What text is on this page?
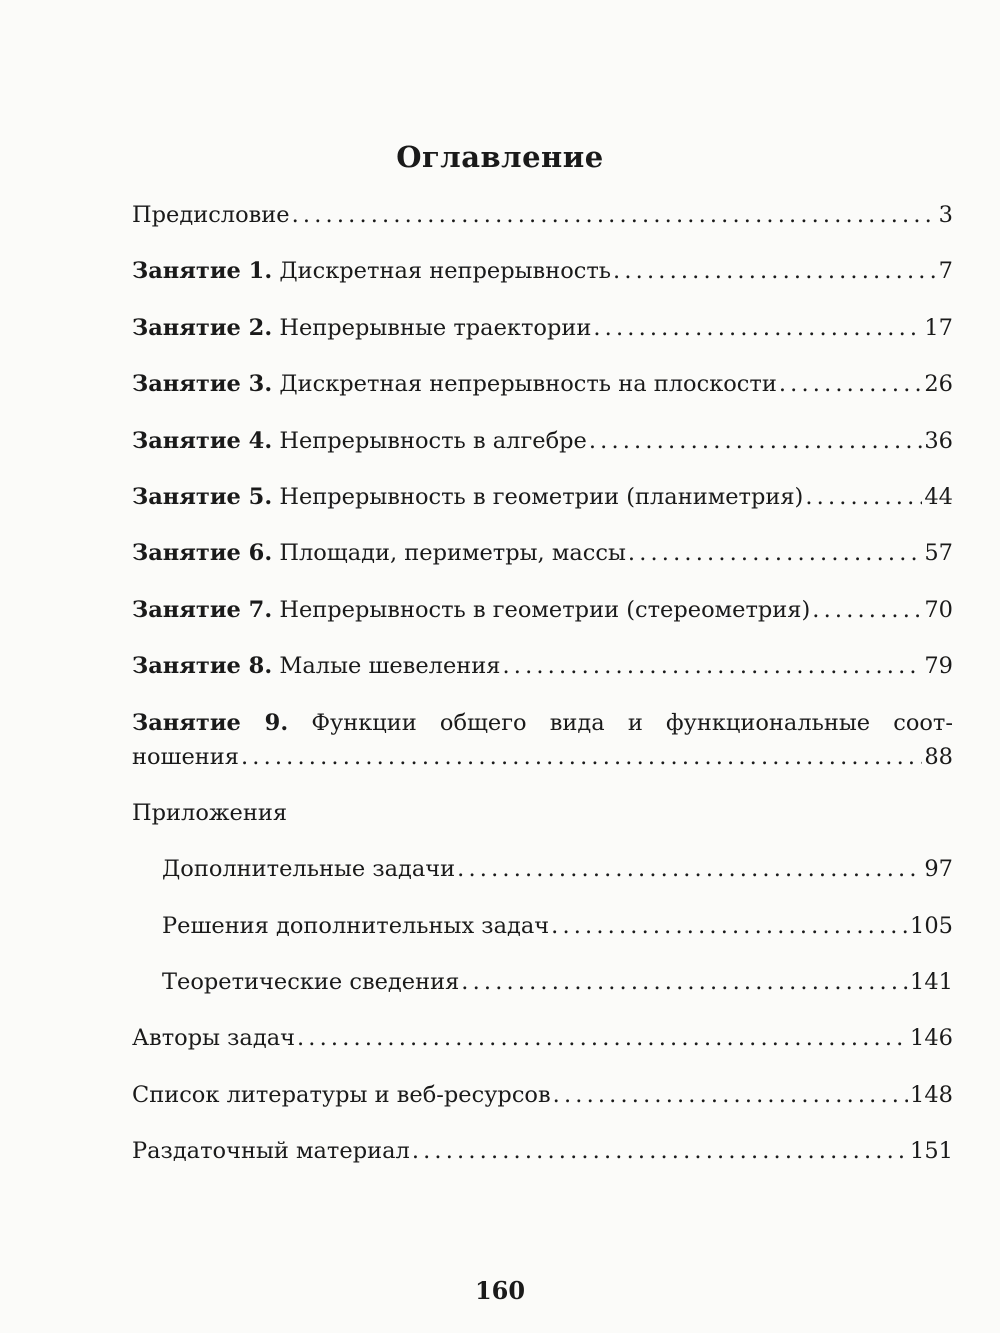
Оглавление
Предисловие . . .	3
Занятие 1. Дискретная непрерывность . . .	7
Занятие 2. Непрерывные траектории . . .	17
Занятие 3. Дискретная непрерывность на плоскости . . .	26
Занятие 4. Непрерывность в алгебре . . .	36
Занятие 5. Непрерывность в геометрии (планиметрия) . . .	44
Занятие 6. Площади, периметры, массы . . .	57
Занятие 7. Непрерывность в геометрии (стереометрия) . . .	70
Занятие 8. Малые шевеления . . .	79
Занятие 9. Функции общего вида и функциональные соот-
ношения . . .	88
Приложения
Дополнительные задачи . . .	97
Решения дополнительных задач . . .	105
Теоретические сведения . . .	141
Авторы задач . . .	146
Список литературы и веб-ресурсов . . .	148
Раздаточный материал . . .	151
160
